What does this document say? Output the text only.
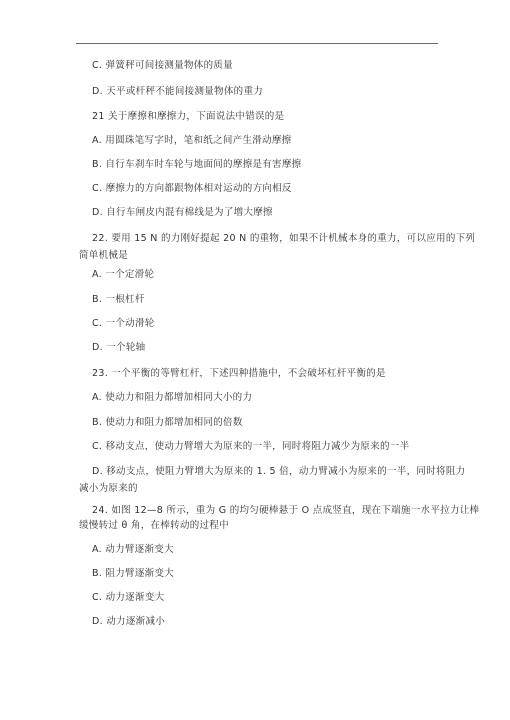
C. 弹簧秤可间接测量物体的质量
D. 天平或杆秤不能间接测量物体的重力
21 关于摩擦和摩擦力，下面说法中错误的是
A. 用圆珠笔写字时，笔和纸之间产生滑动摩擦
B. 自行车刹车时车轮与地面间的摩擦是有害摩擦
C. 摩擦力的方向都跟物体相对运动的方向相反
D. 自行车闸皮内混有棉线是为了增大摩擦
22. 要用 15 N 的力刚好提起 20 N 的重物，如果不计机械本身的重力，可以应用的下列
简单机械是
A. 一个定滑轮
B. 一根杠杆
C. 一个动滑轮
D. 一个轮轴
23. 一个平衡的等臂杠杆，下述四种措施中，不会破坏杠杆平衡的是
A. 使动力和阻力都增加相同大小的力
B. 使动力和阻力都增加相同的倍数
C. 移动支点，使动力臂增大为原来的一半，同时将阻力减少为原来的一半
D. 移动支点，使阻力臂增大为原来的 1. 5 倍，动力臂减小为原来的一半，同时将阻力
减小为原来的
24. 如图 12—8 所示，重为 G 的均匀硬棒悬于 O 点成竖直，现在下端施一水平拉力让棒
缓慢转过 θ 角，在棒转动的过程中
A. 动力臂逐渐变大
B. 阻力臂逐渐变大
C. 动力逐渐变大
D. 动力逐渐减小
